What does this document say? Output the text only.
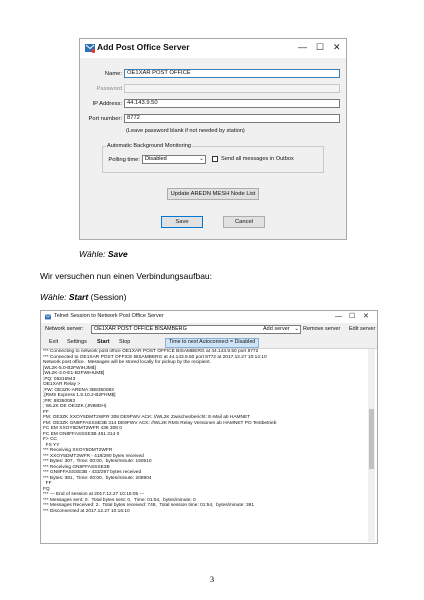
Add Post Office Server	— ☐ ✕
Name: OE1XAR POST OFFICE
Password
IP Address: 44.143.9.50
Port number: 8772
(Leave password blank if not needed by station)
Automatic Background Monitoring
Polling time: Disabled	⌄	Send all messages in Outbox
Update AREDN MESH Node List
Save	Cancel
Wähle: Save
Wir versuchen nun einen Verbindungsaufbau:
Wähle: Start (Session)
Telnet Session to Network Post Office Server	— ☐ ✕
Network server:	OE1XAR POST OFFICE BISAMBERG	⌄
Add server Remove server Edit server
Exit Settings Start Stop	Time to next Autoconnect = Disabled
*** Connecting to network post office OE1XAR POST OFFICE BISAMBERG at 44.143.9.50 port 8772
*** Connected to OE1XAR POST OFFICE BISAMBERG at 44.143.9.50 port 8772 at 2017.12.27 10:14:10
Network post office.  Messages will be stored locally for pickup by the recipient.
[WL2K-5.0-B2FWIHJM$]
[WL2K-3.0-E1-B2FWIHUM$]
;PQ: 05316943
OE1XAR Relay >
;FW: OE3ZK-ARENA 3B8350083
;[RMS Express 1.5.10.2-B2FHM$]
;PR: 88350083
; WL2K DE OE3ZK (JN88DH)
FF
FM: OE3ZK XXOY5DMT2WFR 308 DE9FWV ACK: //WL2K Zwischenbericht: E-Mail ab HAMNET
FM: OE3ZK GN8FFASSSE3B 314 DE9FWV ACK: //WL2K RMS Relay Versionen ab HAMNET PO Testbetrieb
FC EM XXOY5DMT2WFR 436 308 0
FC EM GN8FFASSSE3B 451 314 0
F> CC
FS YY
*** Receiving XXOY5DMT2WFR
*** XXOY5DMT2WFR - 418/290 bytes received
*** Bytes: 307,  Time: 00:00,  bytes/minute: 150510
*** Receiving GN8FFASSSE3B
*** GN8FFASSSE3B - 433/297 bytes received
*** Bytes: 381,  Time: 00:00,  bytes/minute: 208904
FF
FQ
*** --- End of session at 2017.12.27 10:16:05 ---
*** Messages sent: 0.  Total bytes sent: 0,  Time: 01:54,  bytes/minute: 0
*** Messages Received: 2.  Total bytes received: 748,  Total session time: 01:54,  bytes/minute: 391
*** Disconnected at 2017.12.27 10:16:10
3
